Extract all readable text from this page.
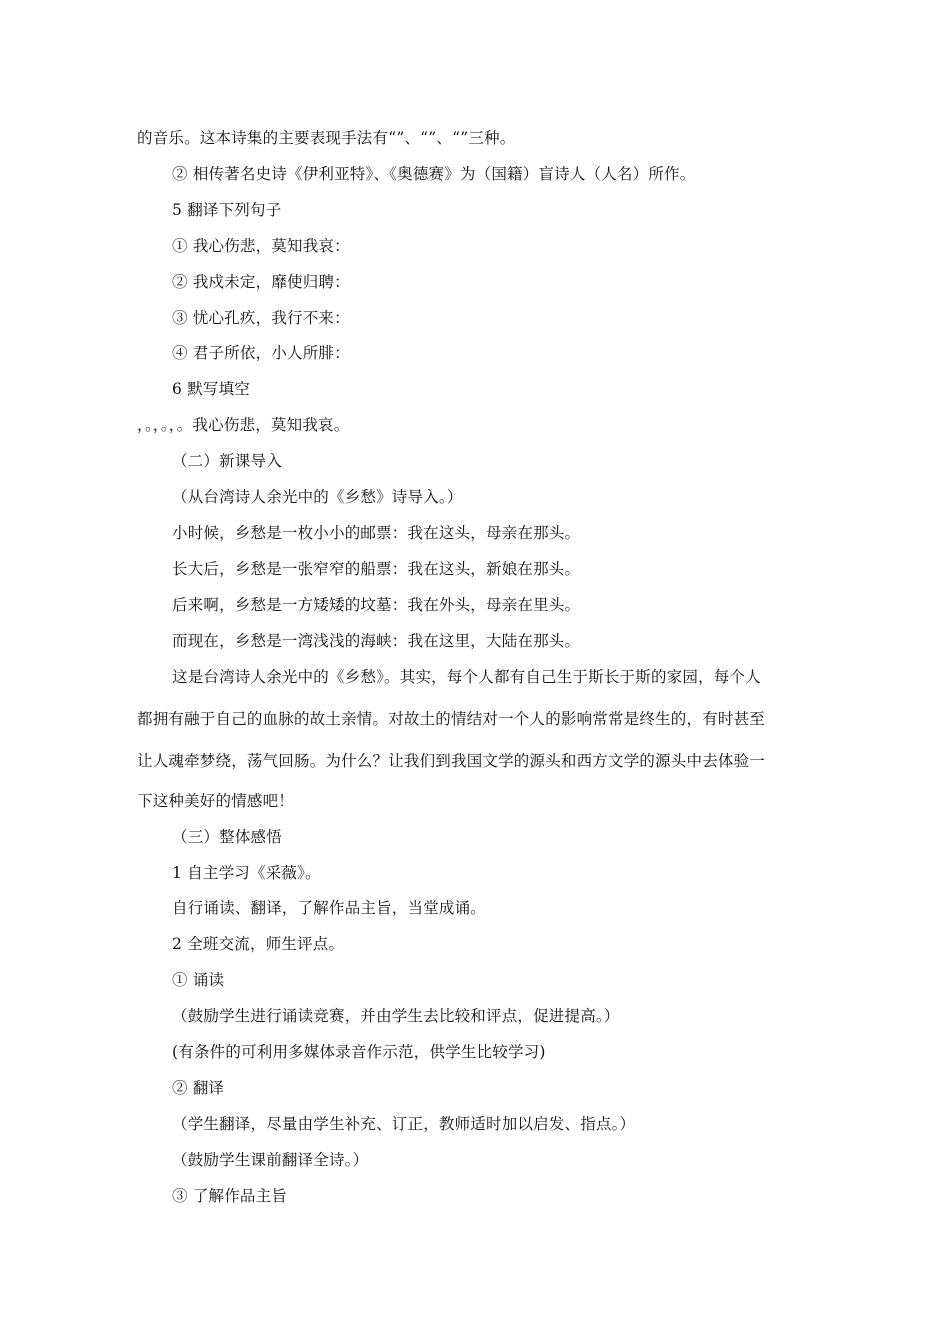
的音乐。这本诗集的主要表现手法有“”、“”、“”三种。
② 相传著名史诗《伊利亚特》、《奥德赛》为（国籍）盲诗人（人名）所作。
5 翻译下列句子
① 我心伤悲，莫知我哀：
② 我戍未定，靡使归聘：
③ 忧心孔疚，我行不来：
④ 君子所依，小人所腓：
6 默写填空
，。，。，。我心伤悲，莫知我哀。
（二）新课导入
（从台湾诗人余光中的《乡愁》诗导入。）
小时候，乡愁是一枚小小的邮票：我在这头，母亲在那头。
长大后，乡愁是一张窄窄的船票：我在这头，新娘在那头。
后来啊，乡愁是一方矮矮的坟墓：我在外头，母亲在里头。
而现在，乡愁是一湾浅浅的海峡：我在这里，大陆在那头。
这是台湾诗人余光中的《乡愁》。其实，每个人都有自己生于斯长于斯的家园，每个人
都拥有融于自己的血脉的故土亲情。对故土的情结对一个人的影响常常是终生的，有时甚至
让人魂牵梦绕，荡气回肠。为什么？让我们到我国文学的源头和西方文学的源头中去体验一
下这种美好的情感吧！
（三）整体感悟
1 自主学习《采薇》。
自行诵读、翻译，了解作品主旨，当堂成诵。
2 全班交流，师生评点。
① 诵读
（鼓励学生进行诵读竞赛，并由学生去比较和评点，促进提高。）
(有条件的可利用多媒体录音作示范，供学生比较学习)
② 翻译
（学生翻译，尽量由学生补充、订正，教师适时加以启发、指点。）
（鼓励学生课前翻译全诗。）
③ 了解作品主旨
